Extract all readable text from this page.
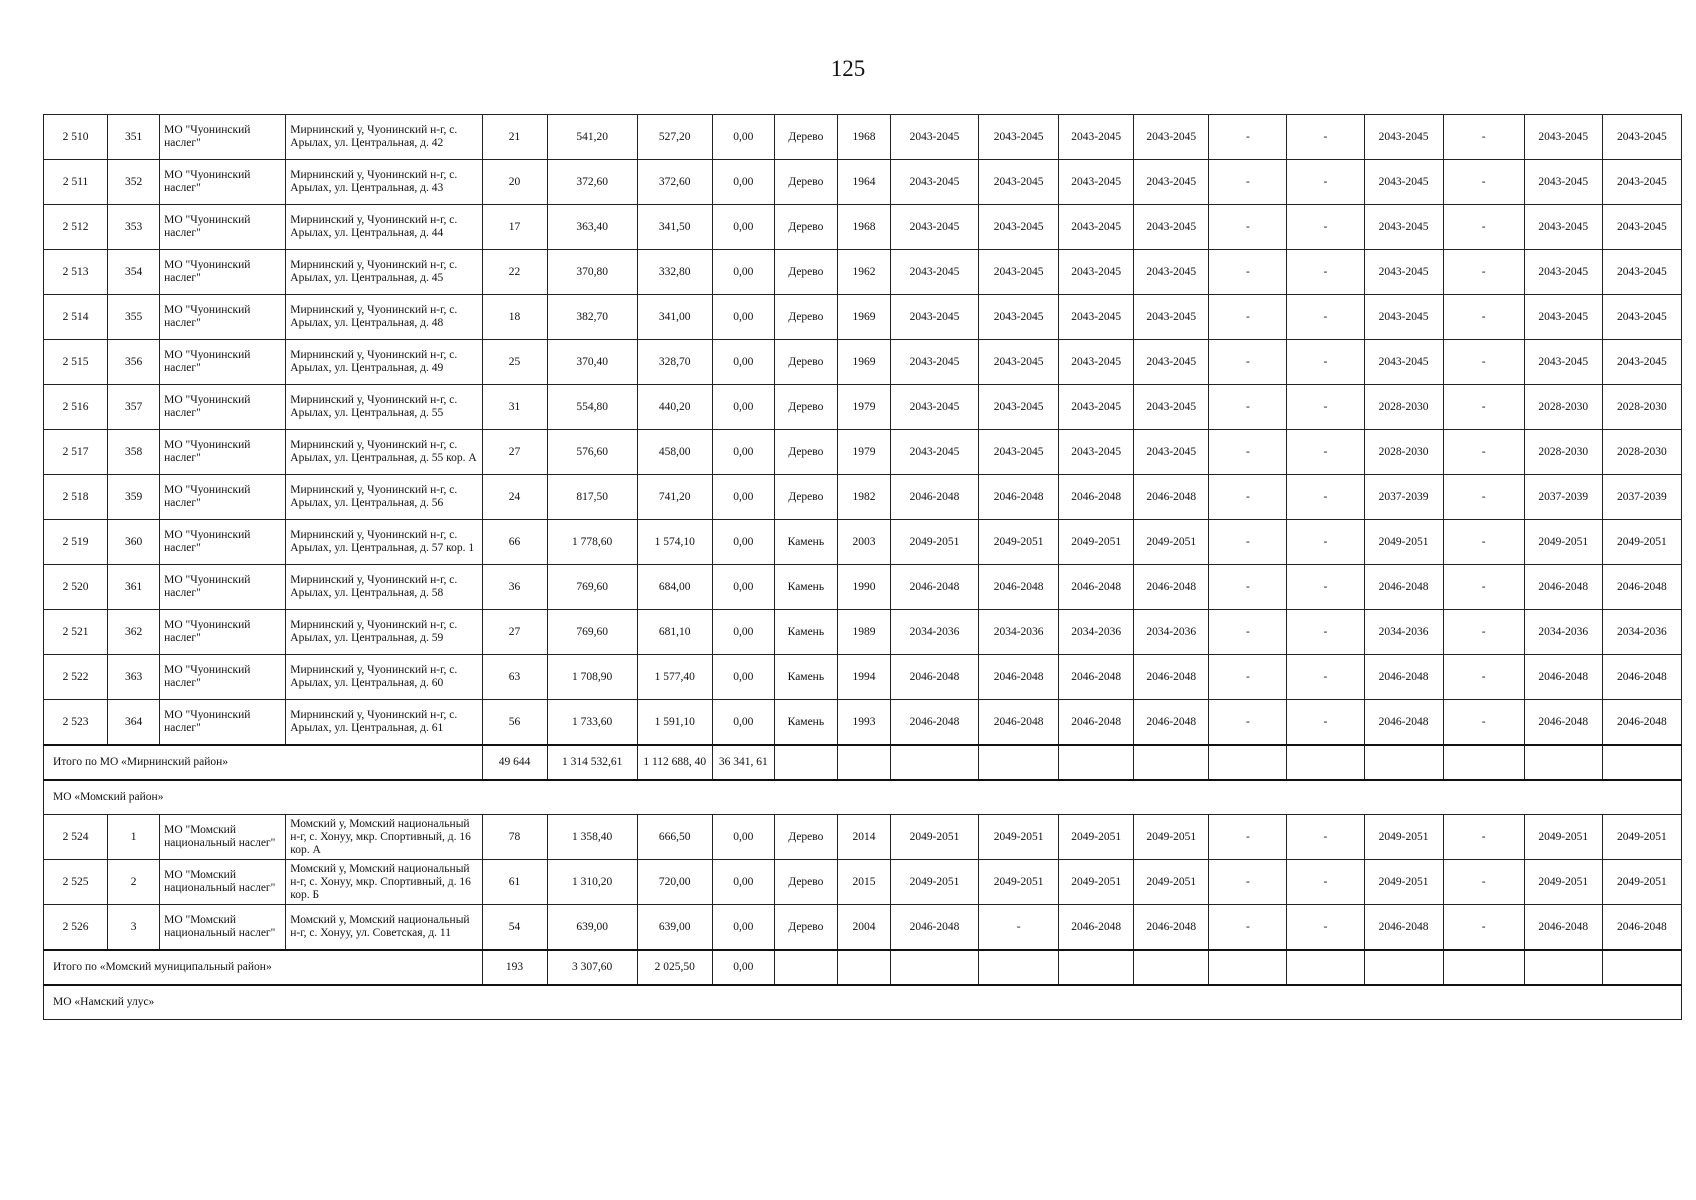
125
2 510	351	МО "Чуонинский наслег"	Мирнинский у, Чуонинский н-г, с. Арылах, ул. Центральная, д. 42	21	541,20	527,20	0,00	Дерево	1968	2043-2045	2043-2045	2043-2045	2043-2045	-	-	2043-2045	-	2043-2045	2043-2045
2 511	352	МО "Чуонинский наслег"	Мирнинский у, Чуонинский н-г, с. Арылах, ул. Центральная, д. 43	20	372,60	372,60	0,00	Дерево	1964	2043-2045	2043-2045	2043-2045	2043-2045	-	-	2043-2045	-	2043-2045	2043-2045
2 512	353	МО "Чуонинский наслег"	Мирнинский у, Чуонинский н-г, с. Арылах, ул. Центральная, д. 44	17	363,40	341,50	0,00	Дерево	1968	2043-2045	2043-2045	2043-2045	2043-2045	-	-	2043-2045	-	2043-2045	2043-2045
2 513	354	МО "Чуонинский наслег"	Мирнинский у, Чуонинский н-г, с. Арылах, ул. Центральная, д. 45	22	370,80	332,80	0,00	Дерево	1962	2043-2045	2043-2045	2043-2045	2043-2045	-	-	2043-2045	-	2043-2045	2043-2045
2 514	355	МО "Чуонинский наслег"	Мирнинский у, Чуонинский н-г, с. Арылах, ул. Центральная, д. 48	18	382,70	341,00	0,00	Дерево	1969	2043-2045	2043-2045	2043-2045	2043-2045	-	-	2043-2045	-	2043-2045	2043-2045
2 515	356	МО "Чуонинский наслег"	Мирнинский у, Чуонинский н-г, с. Арылах, ул. Центральная, д. 49	25	370,40	328,70	0,00	Дерево	1969	2043-2045	2043-2045	2043-2045	2043-2045	-	-	2043-2045	-	2043-2045	2043-2045
2 516	357	МО "Чуонинский наслег"	Мирнинский у, Чуонинский н-г, с. Арылах, ул. Центральная, д. 55	31	554,80	440,20	0,00	Дерево	1979	2043-2045	2043-2045	2043-2045	2043-2045	-	-	2028-2030	-	2028-2030	2028-2030
2 517	358	МО "Чуонинский наслег"	Мирнинский у, Чуонинский н-г, с. Арылах, ул. Центральная, д. 55 кор. А	27	576,60	458,00	0,00	Дерево	1979	2043-2045	2043-2045	2043-2045	2043-2045	-	-	2028-2030	-	2028-2030	2028-2030
2 518	359	МО "Чуонинский наслег"	Мирнинский у, Чуонинский н-г, с. Арылах, ул. Центральная, д. 56	24	817,50	741,20	0,00	Дерево	1982	2046-2048	2046-2048	2046-2048	2046-2048	-	-	2037-2039	-	2037-2039	2037-2039
2 519	360	МО "Чуонинский наслег"	Мирнинский у, Чуонинский н-г, с. Арылах, ул. Центральная, д. 57 кор. 1	66	1 778,60	1 574,10	0,00	Камень	2003	2049-2051	2049-2051	2049-2051	2049-2051	-	-	2049-2051	-	2049-2051	2049-2051
2 520	361	МО "Чуонинский наслег"	Мирнинский у, Чуонинский н-г, с. Арылах, ул. Центральная, д. 58	36	769,60	684,00	0,00	Камень	1990	2046-2048	2046-2048	2046-2048	2046-2048	-	-	2046-2048	-	2046-2048	2046-2048
2 521	362	МО "Чуонинский наслег"	Мирнинский у, Чуонинский н-г, с. Арылах, ул. Центральная, д. 59	27	769,60	681,10	0,00	Камень	1989	2034-2036	2034-2036	2034-2036	2034-2036	-	-	2034-2036	-	2034-2036	2034-2036
2 522	363	МО "Чуонинский наслег"	Мирнинский у, Чуонинский н-г, с. Арылах, ул. Центральная, д. 60	63	1 708,90	1 577,40	0,00	Камень	1994	2046-2048	2046-2048	2046-2048	2046-2048	-	-	2046-2048	-	2046-2048	2046-2048
2 523	364	МО "Чуонинский наслег"	Мирнинский у, Чуонинский н-г, с. Арылах, ул. Центральная, д. 61	56	1 733,60	1 591,10	0,00	Камень	1993	2046-2048	2046-2048	2046-2048	2046-2048	-	-	2046-2048	-	2046-2048	2046-2048
Итого по МО «Мирнинский район»				49 644	1 314 532,61	1 112 688, 40	36 341, 61												
МО «Момский район»																			
2 524	1	МО "Момский национальный наслег"	Момский у, Момский национальный н-г, с. Хонуу, мкр. Спортивный, д. 16 кор. А	78	1 358,40	666,50	0,00	Дерево	2014	2049-2051	2049-2051	2049-2051	2049-2051	-	-	2049-2051	-	2049-2051	2049-2051
2 525	2	МО "Момский национальный наслег"	Момский у, Момский национальный н-г, с. Хонуу, мкр. Спортивный, д. 16 кор. Б	61	1 310,20	720,00	0,00	Дерево	2015	2049-2051	2049-2051	2049-2051	2049-2051	-	-	2049-2051	-	2049-2051	2049-2051
2 526	3	МО "Момский национальный наслег"	Момский у, Момский национальный н-г, с. Хонуу, ул. Советская, д. 11	54	639,00	639,00	0,00	Дерево	2004	2046-2048	-	2046-2048	2046-2048	-	-	2046-2048	-	2046-2048	2046-2048
Итого по «Момский муниципальный район»				193	3 307,60	2 025,50	0,00												
МО «Намский улус»																			
